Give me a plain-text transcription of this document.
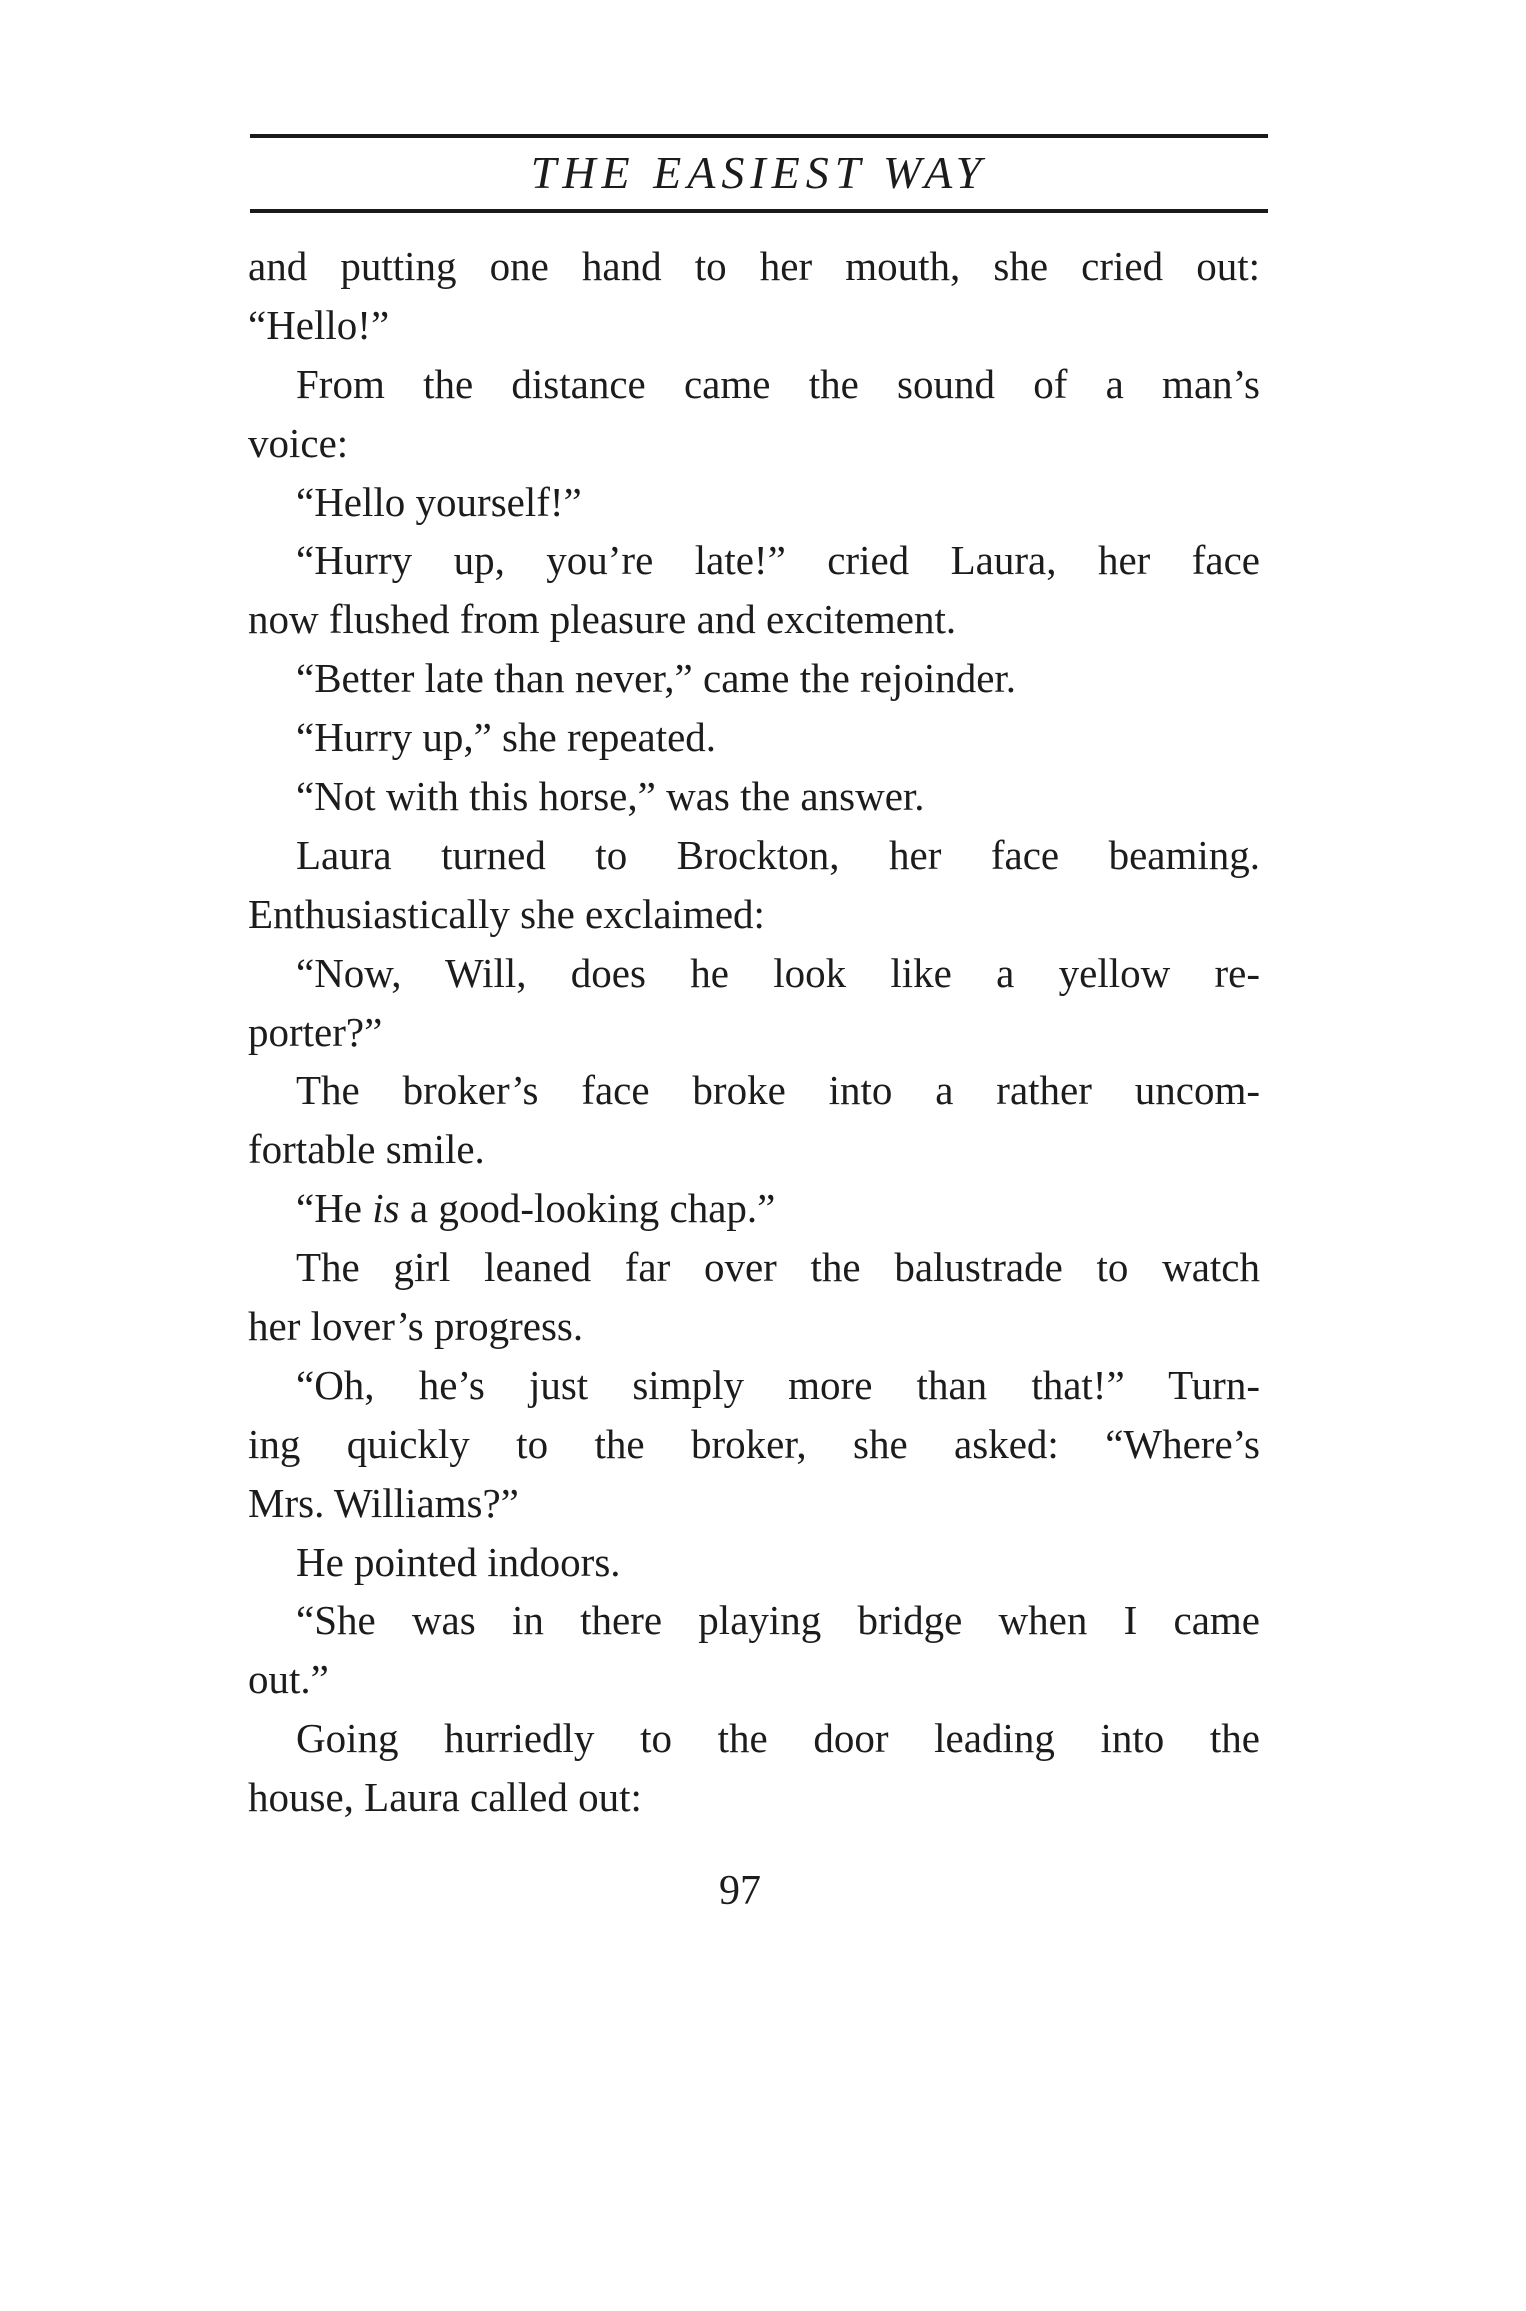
THE EASIEST WAY
and putting one hand to her mouth, she cried out:
“Hello!”
From the distance came the sound of a man’s
voice:
“Hello yourself!”
“Hurry up, you’re late!” cried Laura, her face
now flushed from pleasure and excitement.
“Better late than never,” came the rejoinder.
“Hurry up,” she repeated.
“Not with this horse,” was the answer.
Laura turned to Brockton, her face beaming.
Enthusiastically she exclaimed:
“Now, Will, does he look like a yellow re-
porter?”
The broker’s face broke into a rather uncom-
fortable smile.
“He is a good-looking chap.”
The girl leaned far over the balustrade to watch
her lover’s progress.
“Oh, he’s just simply more than that!” Turn-
ing quickly to the broker, she asked: “Where’s
Mrs. Williams?”
He pointed indoors.
“She was in there playing bridge when I came
out.”
Going hurriedly to the door leading into the
house, Laura called out:
97
